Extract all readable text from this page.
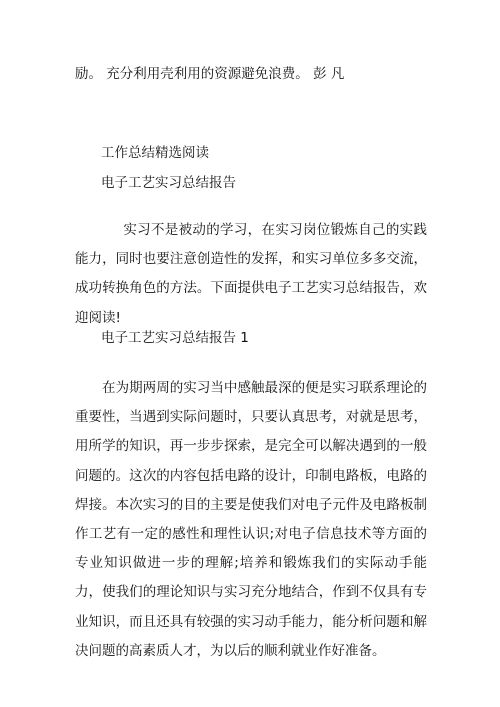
励。 充分利用壳利用的资源避免浪费。 彭 凡
工作总结精选阅读
电子工艺实习总结报告
实习不是被动的学习，在实习岗位锻炼自己的实践能力，同时也要注意创造性的发挥，和实习单位多多交流，成功转换角色的方法。下面提供电子工艺实习总结报告，欢迎阅读!
电子工艺实习总结报告 1
在为期两周的实习当中感触最深的便是实习联系理论的重要性，当遇到实际问题时，只要认真思考，对就是思考，用所学的知识，再一步步探索，是完全可以解决遇到的一般问题的。这次的内容包括电路的设计，印制电路板，电路的焊接。本次实习的目的主要是使我们对电子元件及电路板制作工艺有一定的感性和理性认识;对电子信息技术等方面的专业知识做进一步的理解;培养和锻炼我们的实际动手能力，使我们的理论知识与实习充分地结合，作到不仅具有专业知识，而且还具有较强的实习动手能力，能分析问题和解决问题的高素质人才，为以后的顺利就业作好准备。
